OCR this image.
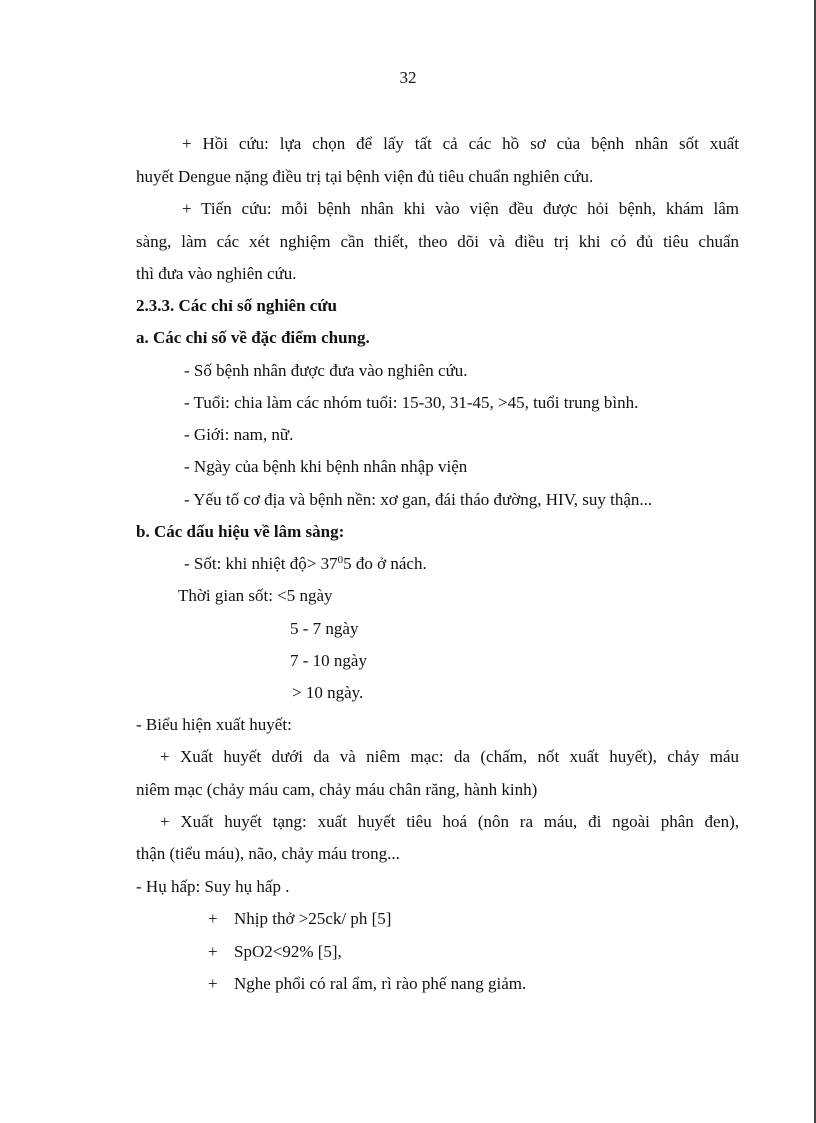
32
+ Hồi cứu: lựa chọn để lấy tất cả các hồ sơ của bệnh nhân sốt xuất
huyết Dengue nặng điều trị tại bệnh viện đủ tiêu chuẩn nghiên cứu.
+ Tiến cứu: mỗi bệnh nhân khi vào viện đều được hỏi bệnh, khám lâm
sàng, làm các xét nghiệm cần thiết, theo dõi và điều trị khi có đủ tiêu chuẩn
thì đưa vào nghiên cứu.
2.3.3. Các chỉ số nghiên cứu
a. Các chỉ số về đặc điểm chung.
- Số bệnh nhân được đưa vào nghiên cứu.
- Tuổi: chia làm các nhóm tuổi: 15-30, 31-45, >45, tuổi trung bình.
- Giới: nam, nữ.
- Ngày của bệnh khi bệnh nhân nhập viện
- Yếu tố cơ địa và bệnh nền: xơ gan, đái tháo đường, HIV, suy thận...
b. Các dấu hiệu về lâm sàng:
- Sốt: khi nhiệt độ> $37^05$ đo ở nách.
Thời gian sốt: <5 ngày
5 - 7 ngày
7 - 10 ngày
> 10 ngày.
- Biểu hiện xuất huyết:
+ Xuất huyết dưới da và niêm mạc: da (chấm, nốt xuất huyết), chảy máu
niêm mạc (chảy máu cam, chảy máu chân răng, hành kinh)
+ Xuất huyết tạng: xuất huyết tiêu hoá (nôn ra máu, đi ngoài phân đen),
thận (tiểu máu), não, chảy máu trong...
- Hụ hấp: Suy hụ hấp .
+ Nhịp thở >25ck/ ph [5]
+ SpO2<92% [5],
+ Nghe phổi có ral ẩm, rì rào phế nang giảm.
